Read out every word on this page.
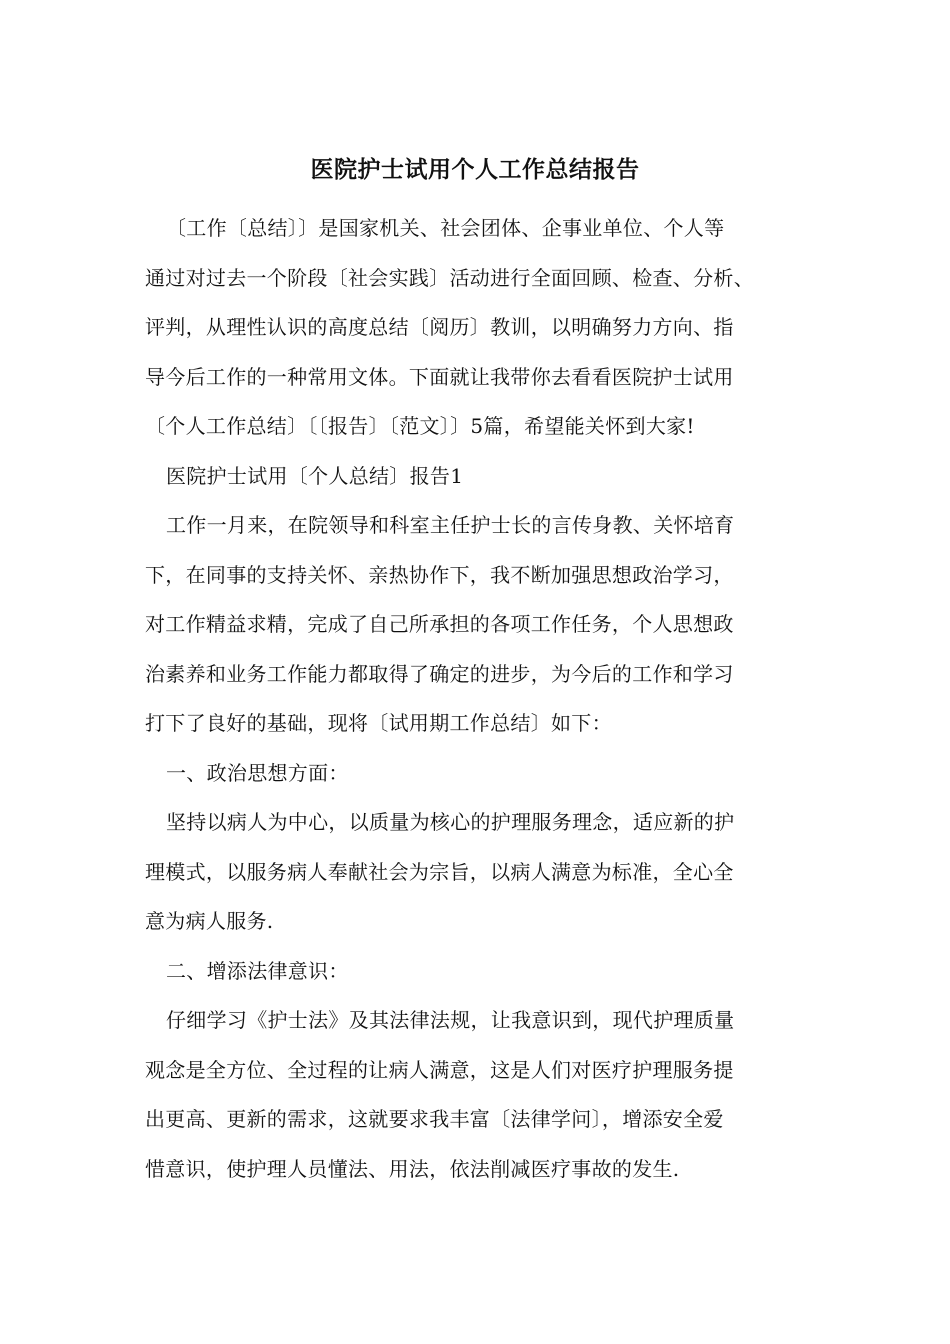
医院护士试用个人工作总结报告
〔工作〔总结〕〕是国家机关、社会团体、企事业单位、个人等
通过对过去一个阶段〔社会实践〕活动进行全面回顾、检查、分析、
评判，从理性认识的高度总结〔阅历〕教训，以明确努力方向、指
导今后工作的一种常用文体。下面就让我带你去看看医院护士试用
〔个人工作总结〕〔〔报告〕〔范文〕〕5篇，希望能关怀到大家!
医院护士试用〔个人总结〕报告1
工作一月来，在院领导和科室主任护士长的言传身教、关怀培育
下，在同事的支持关怀、亲热协作下，我不断加强思想政治学习，
对工作精益求精，完成了自己所承担的各项工作任务，个人思想政
治素养和业务工作能力都取得了确定的进步，为今后的工作和学习
打下了良好的基础，现将〔试用期工作总结〕如下：
一、政治思想方面：
坚持以病人为中心，以质量为核心的护理服务理念，适应新的护
理模式，以服务病人奉献社会为宗旨，以病人满意为标准，全心全
意为病人服务.
二、增添法律意识：
仔细学习《护士法》及其法律法规，让我意识到，现代护理质量
观念是全方位、全过程的让病人满意，这是人们对医疗护理服务提
出更高、更新的需求，这就要求我丰富〔法律学问〕，增添安全爱
惜意识，使护理人员懂法、用法，依法削减医疗事故的发生.
